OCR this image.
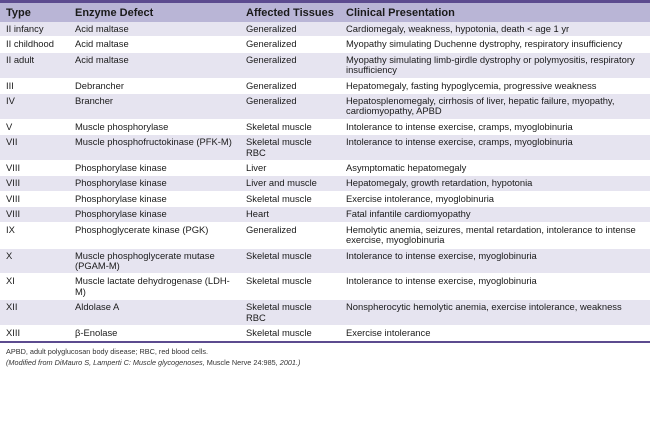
Type	Enzyme Defect	Affected Tissues	Clinical Presentation
II infancy	Acid maltase	Generalized	Cardiomegaly, weakness, hypotonia, death < age 1 yr
II childhood	Acid maltase	Generalized	Myopathy simulating Duchenne dystrophy, respiratory insufficiency
II adult	Acid maltase	Generalized	Myopathy simulating limb-girdle dystrophy or polymyositis, respiratory insufficiency
III	Debrancher	Generalized	Hepatomegaly, fasting hypoglycemia, progressive weakness
IV	Brancher	Generalized	Hepatosplenomegaly, cirrhosis of liver, hepatic failure, myopathy, cardiomyopathy, APBD
V	Muscle phosphorylase	Skeletal muscle	Intolerance to intense exercise, cramps, myoglobinuria
VII	Muscle phosphofructokinase (PFK-M)	Skeletal muscle RBC	Intolerance to intense exercise, cramps, myoglobinuria
VIII	Phosphorylase kinase	Liver	Asymptomatic hepatomegaly
VIII	Phosphorylase kinase	Liver and muscle	Hepatomegaly, growth retardation, hypotonia
VIII	Phosphorylase kinase	Skeletal muscle	Exercise intolerance, myoglobinuria
VIII	Phosphorylase kinase	Heart	Fatal infantile cardiomyopathy
IX	Phosphoglycerate kinase (PGK)	Generalized	Hemolytic anemia, seizures, mental retardation, intolerance to intense exercise, myoglobinuria
X	Muscle phosphoglycerate mutase (PGAM-M)	Skeletal muscle	Intolerance to intense exercise, myoglobinuria
XI	Muscle lactate dehydrogenase (LDH-M)	Skeletal muscle	Intolerance to intense exercise, myoglobinuria
XII	Aldolase A	Skeletal muscle RBC	Nonspherocytic hemolytic anemia, exercise intolerance, weakness
XIII	β-Enolase	Skeletal muscle	Exercise intolerance
APBD, adult polyglucosan body disease; RBC, red blood cells.
(Modified from DiMauro S, Lamperti C: Muscle glycogenoses, Muscle Nerve 24:985, 2001.)
